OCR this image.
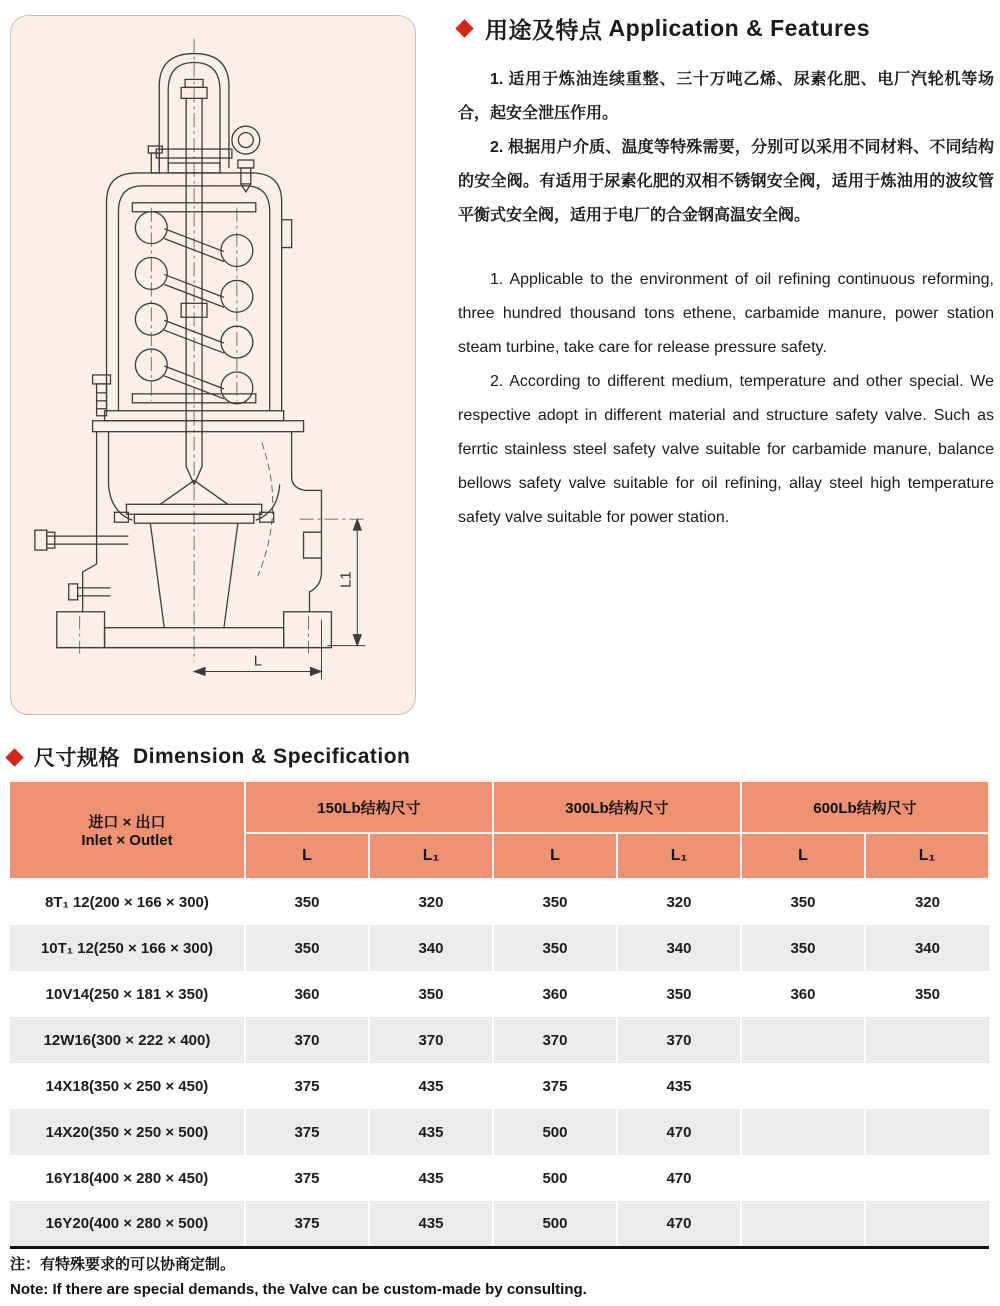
L1
L
用途及特点 Application & Features

1. 适用于炼油连续重整、三十万吨乙烯、尿素化肥、电厂汽轮机等场合，起安全泄压作用。

2. 根据用户介质、温度等特殊需要，分别可以采用不同材料、不同结构的安全阀。有适用于尿素化肥的双相不锈钢安全阀，适用于炼油用的波纹管平衡式安全阀，适用于电厂的合金钢高温安全阀。

1. Applicable to the environment of oil refining continuous reforming, three hundred thousand tons ethene, carbamide manure, power station steam turbine, take care for release pressure safety.

2. According to different medium, temperature and other special. We respective adopt in different material and structure safety valve. Such as ferrtic stainless steel safety valve suitable for carbamide manure, balance bellows safety valve suitable for oil refining, allay steel high temperature safety valve suitable for power station.

尺寸规格 Dimension & Specification
进口 × 出口
Inlet × Outlet	150Lb结构尺寸		300Lb结构尺寸		600Lb结构尺寸	
	L	L₁	L	L₁	L	L₁
8T₁ 12(200 × 166 × 300)	350	320	350	320	350	320
10T₁ 12(250 × 166 × 300)	350	340	350	340	350	340
10V14(250 × 181 × 350)	360	350	360	350	360	350
12W16(300 × 222 × 400)	370	370	370	370		
14X18(350 × 250 × 450)	375	435	375	435		
14X20(350 × 250 × 500)	375	435	500	470		
16Y18(400 × 280 × 450)	375	435	500	470		
16Y20(400 × 280 × 500)	375	435	500	470		
注：有特殊要求的可以协商定制。
Note: If there are special demands, the Valve can be custom-made by consulting.
